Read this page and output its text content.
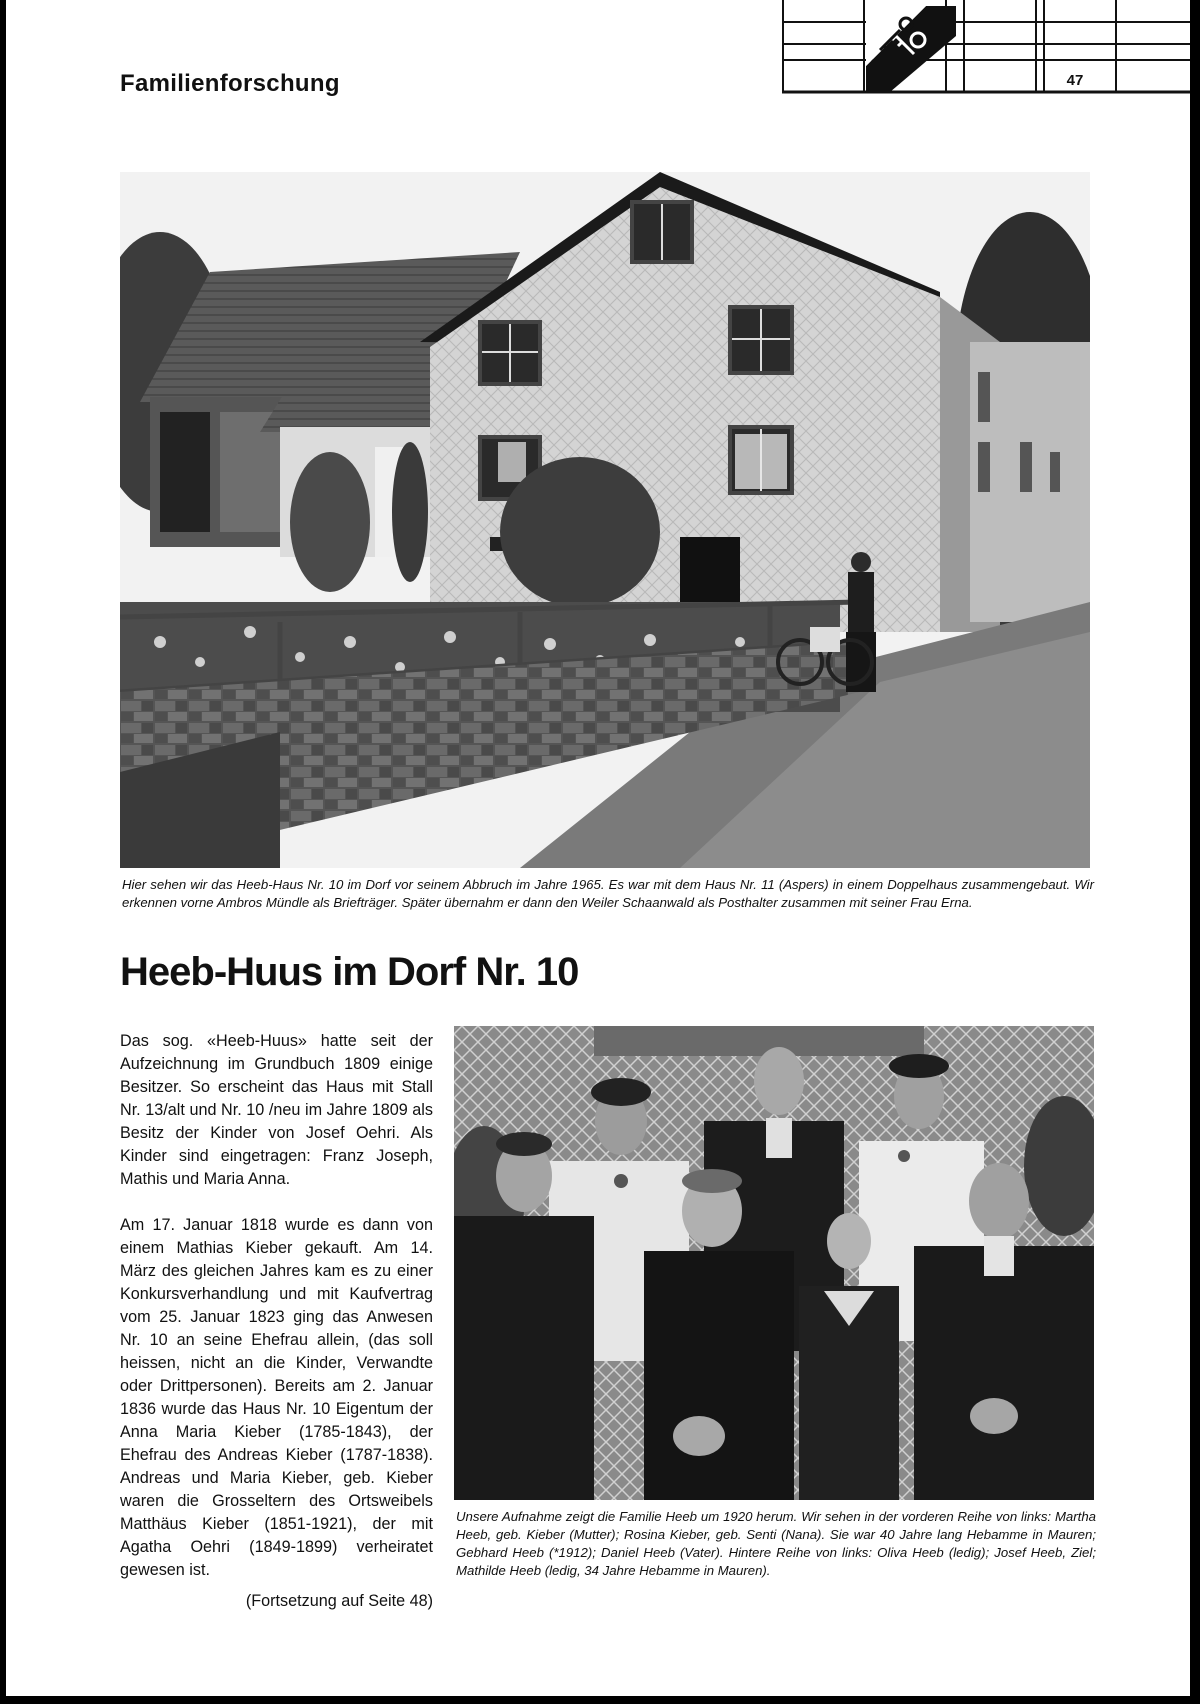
Familienforschung	47

Hier sehen wir das Heeb-Haus Nr. 10 im Dorf vor seinem Abbruch im Jahre 1965. Es war mit dem Haus Nr. 11 (Aspers) in einem Doppelhaus zusammengebaut. Wir erkennen vorne Ambros Mündle als Briefträger. Später übernahm er dann den Weiler Schaanwald als Posthalter zusammen mit seiner Frau Erna.

Heeb-Huus im Dorf Nr. 10

Das sog. «Heeb-Huus» hatte seit der Aufzeichnung im Grundbuch 1809 einige Besitzer. So erscheint das Haus mit Stall Nr. 13/alt und Nr. 10 /neu im Jahre 1809 als Besitz der Kinder von Josef Oehri. Als Kinder sind eingetragen: Franz Joseph, Mathis und Maria Anna.

Am 17. Januar 1818 wurde es dann von einem Mathias Kieber gekauft. Am 14. März des gleichen Jahres kam es zu einer Konkursverhandlung und mit Kaufvertrag vom 25. Januar 1823 ging das Anwesen Nr. 10 an seine Ehefrau allein, (das soll heissen, nicht an die Kinder, Verwandte oder Drittpersonen). Bereits am 2. Januar 1836 wurde das Haus Nr. 10 Eigentum der Anna Maria Kieber (1785-1843), der Ehefrau des Andreas Kieber (1787-1838). Andreas und Maria Kieber, geb. Kieber waren die Grosseltern des Ortsweibels Matthäus Kieber (1851-1921), der mit Agatha Oehri (1849-1899) verheiratet gewesen ist.

(Fortsetzung auf Seite 48)

Unsere Aufnahme zeigt die Familie Heeb um 1920 herum. Wir sehen in der vorderen Reihe von links: Martha Heeb, geb. Kieber (Mutter); Rosina Kieber, geb. Senti (Nana). Sie war 40 Jahre lang Hebamme in Mauren; Gebhard Heeb (*1912); Daniel Heeb (Vater). Hintere Reihe von links: Oliva Heeb (ledig); Josef Heeb, Ziel; Mathilde Heeb (ledig, 34 Jahre Hebamme in Mauren).
